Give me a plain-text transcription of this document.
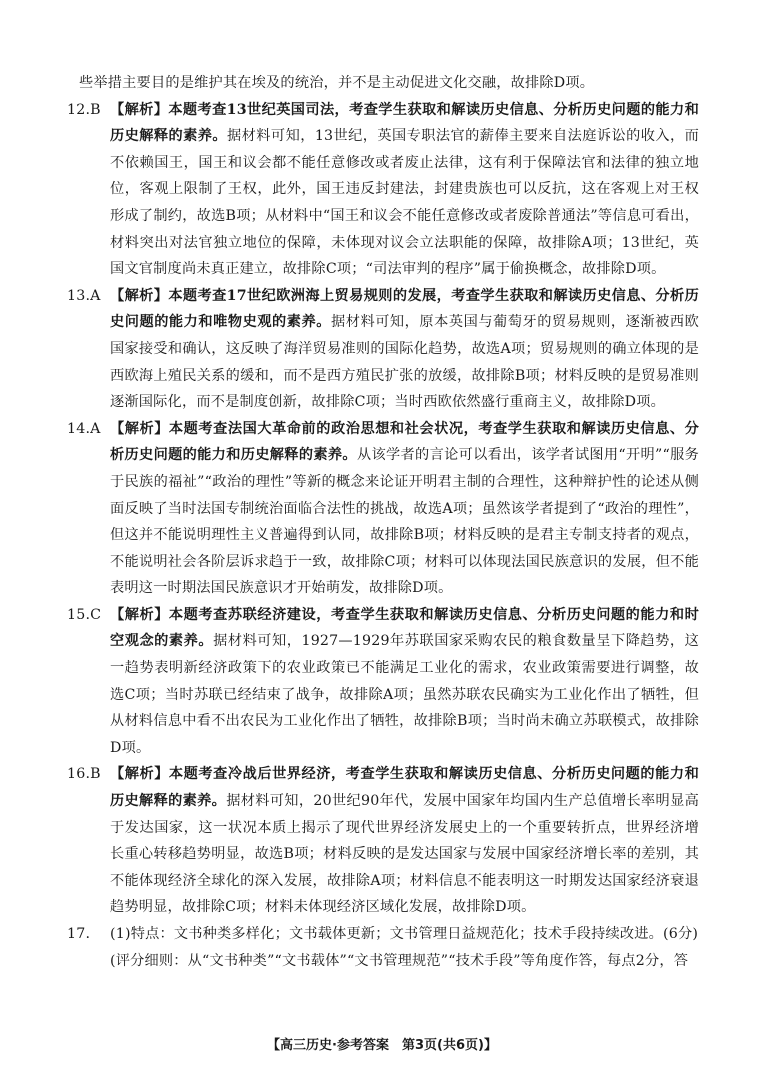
些举措主要目的是维护其在埃及的统治，并不是主动促进文化交融，故排除D项。

12.B 【解析】本题考查13世纪英国司法，考查学生获取和解读历史信息、分析历史问题的能力和历史解释的素养。据材料可知，13世纪，英国专职法官的薪俸主要来自法庭诉讼的收入，而不依赖国王，国王和议会都不能任意修改或者废止法律，这有利于保障法官和法律的独立地位，客观上限制了王权，此外，国王违反封建法，封建贵族也可以反抗，这在客观上对王权形成了制约，故选B项；从材料中“国王和议会不能任意修改或者废除普通法”等信息可看出，材料突出对法官独立地位的保障，未体现对议会立法职能的保障，故排除A项；13世纪，英国文官制度尚未真正建立，故排除C项；“司法审判的程序”属于偷换概念，故排除D项。

13.A 【解析】本题考查17世纪欧洲海上贸易规则的发展，考查学生获取和解读历史信息、分析历史问题的能力和唯物史观的素养。据材料可知，原本英国与葡萄牙的贸易规则，逐渐被西欧国家接受和确认，这反映了海洋贸易准则的国际化趋势，故选A项；贸易规则的确立体现的是西欧海上殖民关系的缓和，而不是西方殖民扩张的放缓，故排除B项；材料反映的是贸易准则逐渐国际化，而不是制度创新，故排除C项；当时西欧依然盛行重商主义，故排除D项。

14.A 【解析】本题考查法国大革命前的政治思想和社会状况，考查学生获取和解读历史信息、分析历史问题的能力和历史解释的素养。从该学者的言论可以看出，该学者试图用“开明”“服务于民族的福祉”“政治的理性”等新的概念来论证开明君主制的合理性，这种辩护性的论述从侧面反映了当时法国专制统治面临合法性的挑战，故选A项；虽然该学者提到了“政治的理性”，但这并不能说明理性主义普遍得到认同，故排除B项；材料反映的是君主专制支持者的观点，不能说明社会各阶层诉求趋于一致，故排除C项；材料可以体现法国民族意识的发展，但不能表明这一时期法国民族意识才开始萌发，故排除D项。

15.C 【解析】本题考查苏联经济建设，考查学生获取和解读历史信息、分析历史问题的能力和时空观念的素养。据材料可知，1927—1929年苏联国家采购农民的粮食数量呈下降趋势，这一趋势表明新经济政策下的农业政策已不能满足工业化的需求，农业政策需要进行调整，故选C项；当时苏联已经结束了战争，故排除A项；虽然苏联农民确实为工业化作出了牺牲，但从材料信息中看不出农民为工业化作出了牺牲，故排除B项；当时尚未确立苏联模式，故排除D项。

16.B 【解析】本题考查冷战后世界经济，考查学生获取和解读历史信息、分析历史问题的能力和历史解释的素养。据材料可知，20世纪90年代，发展中国家年均国内生产总值增长率明显高于发达国家，这一状况本质上揭示了现代世界经济发展史上的一个重要转折点，世界经济增长重心转移趋势明显，故选B项；材料反映的是发达国家与发展中国家经济增长率的差别，其不能体现经济全球化的深入发展，故排除A项；材料信息不能表明这一时期发达国家经济衰退趋势明显，故排除C项；材料未体现经济区域化发展，故排除D项。

17. (1)特点：文书种类多样化；文书载体更新；文书管理日益规范化；技术手段持续改进。(6分)

(评分细则：从“文书种类”“文书载体”“文书管理规范”“技术手段”等角度作答，每点2分，答

【高三历史·参考答案　第3页(共6页)】
